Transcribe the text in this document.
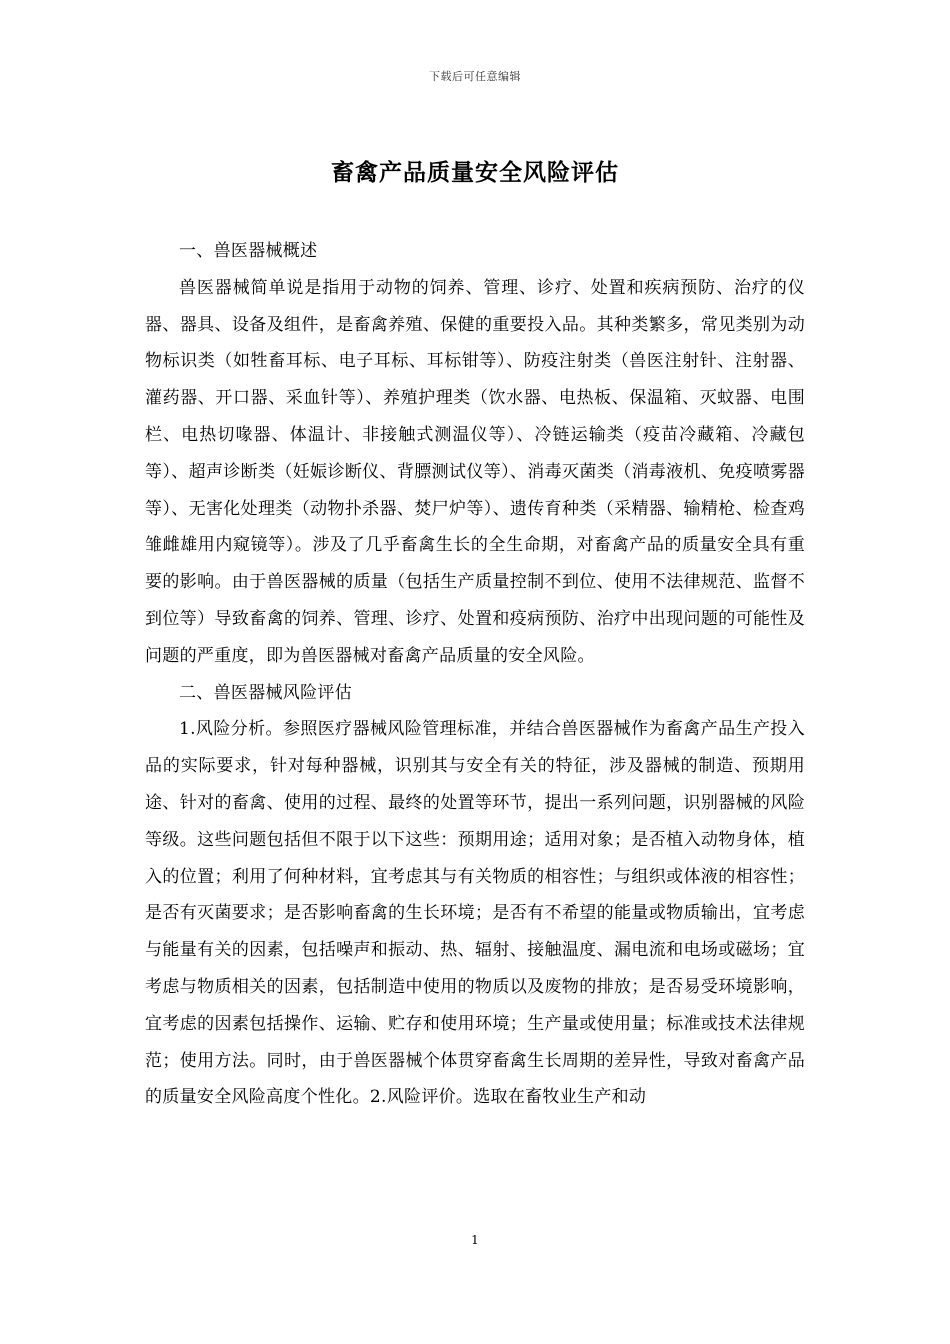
下载后可任意编辑
畜禽产品质量安全风险评估

一、兽医器械概述

兽医器械简单说是指用于动物的饲养、管理、诊疗、处置和疾病预防、治疗的仪器、器具、设备及组件，是畜禽养殖、保健的重要投入品。其种类繁多，常见类别为动物标识类（如牲畜耳标、电子耳标、耳标钳等）、防疫注射类（兽医注射针、注射器、灌药器、开口器、采血针等）、养殖护理类（饮水器、电热板、保温箱、灭蚊器、电围栏、电热切喙器、体温计、非接触式测温仪等）、冷链运输类（疫苗冷藏箱、冷藏包等）、超声诊断类（妊娠诊断仪、背膘测试仪等）、消毒灭菌类（消毒液机、免疫喷雾器等）、无害化处理类（动物扑杀器、焚尸炉等）、遗传育种类（采精器、输精枪、检查鸡雏雌雄用内窥镜等）。涉及了几乎畜禽生长的全生命期，对畜禽产品的质量安全具有重要的影响。由于兽医器械的质量（包括生产质量控制不到位、使用不法律规范、监督不到位等）导致畜禽的饲养、管理、诊疗、处置和疫病预防、治疗中出现问题的可能性及问题的严重度，即为兽医器械对畜禽产品质量的安全风险。

二、兽医器械风险评估

1.风险分析。参照医疗器械风险管理标准，并结合兽医器械作为畜禽产品生产投入品的实际要求，针对每种器械，识别其与安全有关的特征，涉及器械的制造、预期用途、针对的畜禽、使用的过程、最终的处置等环节，提出一系列问题，识别器械的风险等级。这些问题包括但不限于以下这些：预期用途；适用对象；是否植入动物身体，植入的位置；利用了何种材料，宜考虑其与有关物质的相容性；与组织或体液的相容性；是否有灭菌要求；是否影响畜禽的生长环境；是否有不希望的能量或物质输出，宜考虑与能量有关的因素，包括噪声和振动、热、辐射、接触温度、漏电流和电场或磁场；宜考虑与物质相关的因素，包括制造中使用的物质以及废物的排放；是否易受环境影响，宜考虑的因素包括操作、运输、贮存和使用环境；生产量或使用量；标准或技术法律规范；使用方法。同时，由于兽医器械个体贯穿畜禽生长周期的差异性，导致对畜禽产品的质量安全风险高度个性化。2.风险评价。选取在畜牧业生产和动

1
